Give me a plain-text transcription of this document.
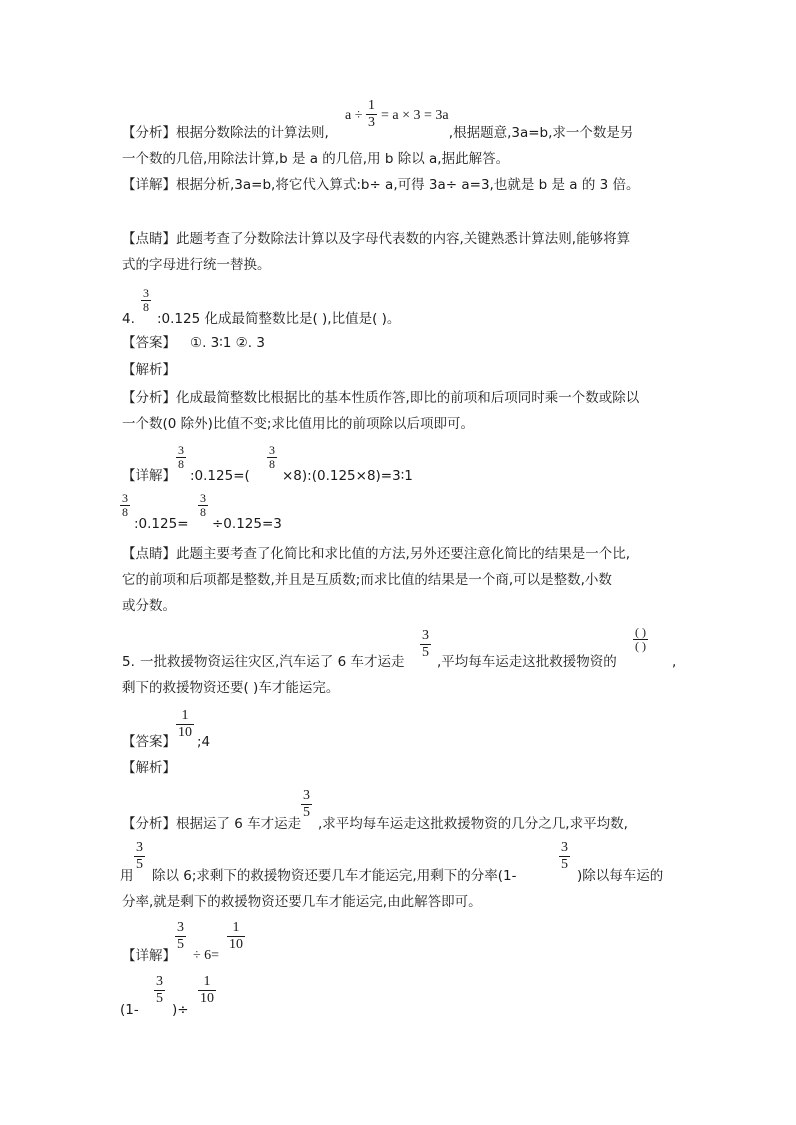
a ÷
1
3 = a × 3 = 3a
【分析】根据分数除法的计算法则,	,根据题意,3a=b,求一个数是另
一个数的几倍,用除法计算,b 是 a 的几倍,用 b 除以 a,据此解答。
【详解】根据分析,3a=b,将它代入算式:b÷ a,可得 3a÷ a=3,也就是 b 是 a 的 3 倍。
【点睛】此题考查了分数除法计算以及字母代表数的内容,关键熟悉计算法则,能够将算
式的字母进行统一替换。
4.
3
8
:0.125 化成最简整数比是( ),比值是( )。
【答案】 ①. 3∶1 ②. 3
【解析】
【分析】化成最简整数比根据比的基本性质作答,即比的前项和后项同时乘一个数或除以
一个数(0 除外)比值不变;求比值用比的前项除以后项即可。
【详解】
3
8
:0.125=(
3
8
×8):(0.125×8)=3∶1
3
8
:0.125=
3
8
÷0.125=3
【点睛】此题主要考查了化简比和求比值的方法,另外还要注意化简比的结果是一个比,
它的前项和后项都是整数,并且是互质数;而求比值的结果是一个商,可以是整数,小数
或分数。
5. 一批救援物资运往灾区,汽车运了 6 车才运走
3
5
,平均每车运走这批救援物资的
( )
( )
,
剩下的救援物资还要( )车才能运完。
【答案】
1
10
;4
【解析】
【分析】 根据运了 6 车才运走
3
5
,求平均每车运走这批救援物资的几分之几,求平均数,
用
3
5
除以 6;求剩下的救援物资还要几车才能运完,用剩下的分率(1-
3
5
)除以每车运的
分率,就是剩下的救援物资还要几车才能运完,由此解答即可。
【详解】
3
5
÷ 6=
1
10
(1-
3
5
)÷
1
10
